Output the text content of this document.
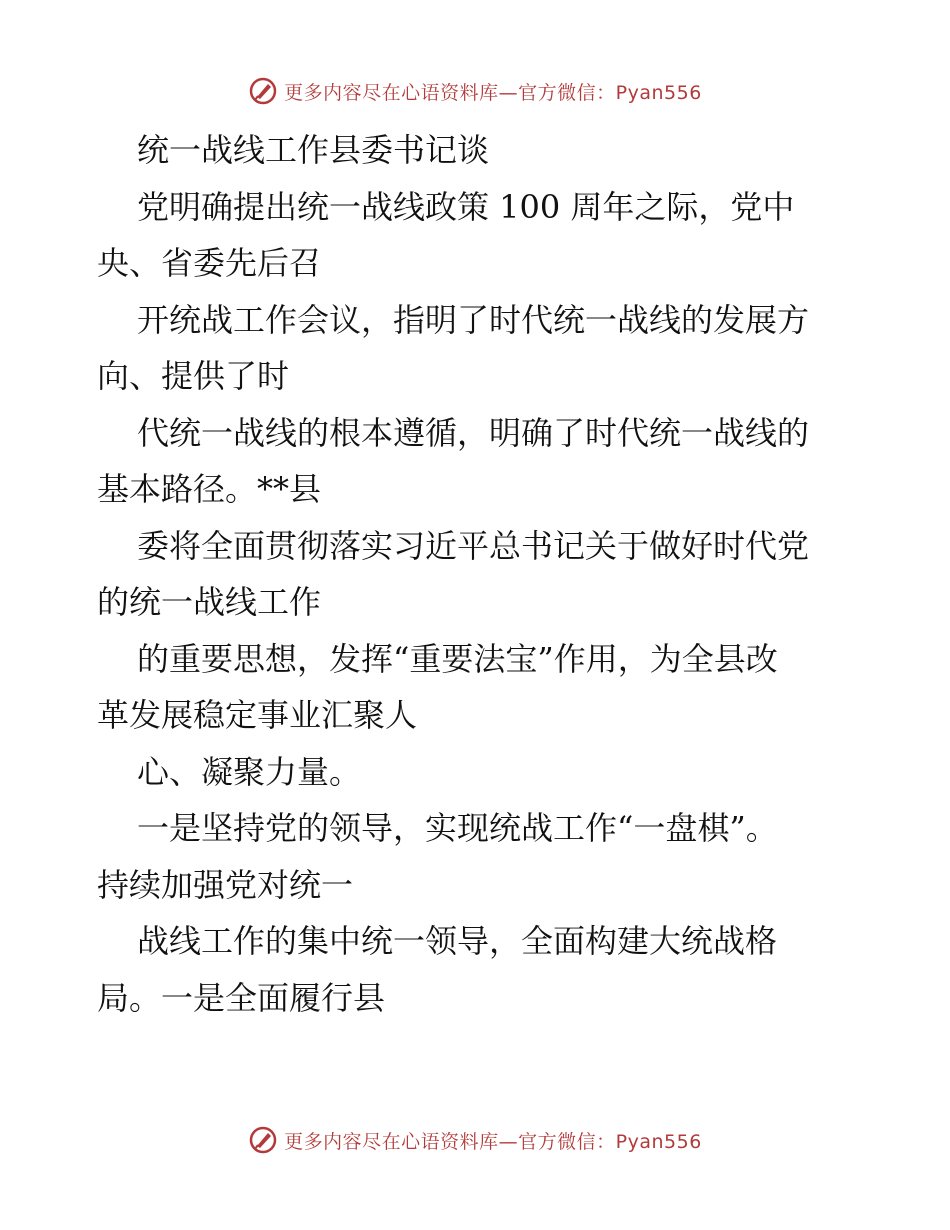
更多内容尽在心语资料库—官方微信：Pyan556
统一战线工作县委书记谈
党明确提出统一战线政策 100 周年之际，党中
央、省委先后召
开统战工作会议，指明了时代统一战线的发展方
向、提供了时
代统一战线的根本遵循，明确了时代统一战线的
基本路径。**县
委将全面贯彻落实习近平总书记关于做好时代党
的统一战线工作
的重要思想，发挥“重要法宝”作用，为全县改
革发展稳定事业汇聚人
心、凝聚力量。
一是坚持党的领导，实现统战工作“一盘棋”。
持续加强党对统一
战线工作的集中统一领导，全面构建大统战格
局。一是全面履行县
更多内容尽在心语资料库—官方微信：Pyan556
